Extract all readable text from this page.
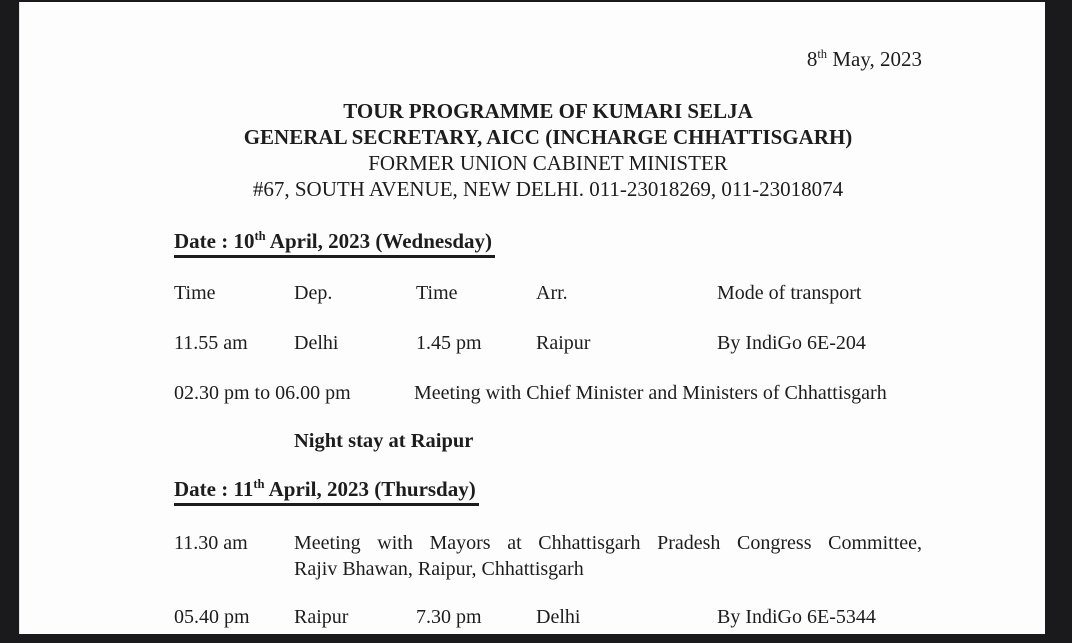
8th May, 2023
TOUR PROGRAMME OF KUMARI SELJA
GENERAL SECRETARY, AICC (INCHARGE CHHATTISGARH)
FORMER UNION CABINET MINISTER
#67, SOUTH AVENUE, NEW DELHI. 011-23018269, 011-23018074
Date : 10th April, 2023 (Wednesday)
Time	Dep.	Time	Arr.	Mode of transport
11.55 am	Delhi	1.45 pm	Raipur	By IndiGo 6E-204
02.30 pm to 06.00 pm	Meeting with Chief Minister and Ministers of Chhattisgarh
Night stay at Raipur
Date : 11th April, 2023 (Thursday)
11.30 am	Meeting with Mayors at Chhattisgarh Pradesh Congress Committee,
Rajiv Bhawan, Raipur, Chhattisgarh
05.40 pm	Raipur	7.30 pm	Delhi	By IndiGo 6E-5344
